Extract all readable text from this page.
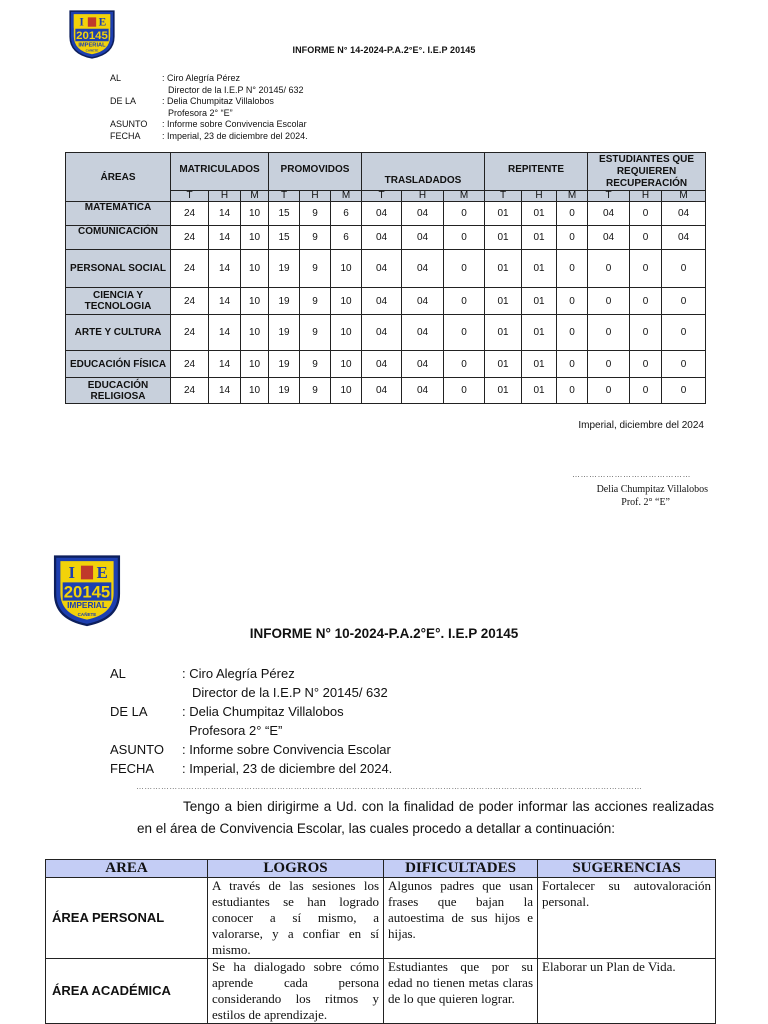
I E
20145
IMPERIAL
CAÑETE	INFORME N° 14-2024-P.A.2°E°. I.E.P 20145
AL	: Ciro Alegría Pérez
Director de la I.E.P N° 20145/ 632
DE LA	: Delia Chumpitaz Villalobos
Profesora 2° “E”
ASUNTO : Informe sobre Convivencia Escolar
FECHA : Imperial, 23 de diciembre del 2024.
ÁREAS	MATRICULADOS			PROMOVIDOS			TRASLADADOS			REPITENTE			ESTUDIANTES QUE REQUIEREN RECUPERACIÓN		
	T	H	M	T	H	M	T	H	M	T	H	M	T	H	M
MATEMÁTICA	24	14	10	15	9	6	04	04	0	01	01	0	04	0	04
COMUNICACIÓN	24	14	10	15	9	6	04	04	0	01	01	0	04	0	04
PERSONAL SOCIAL	24	14	10	19	9	10	04	04	0	01	01	0	0	0	0
CIENCIA Y TECNOLOGIA	24	14	10	19	9	10	04	04	0	01	01	0	0	0	0
ARTE Y CULTURA	24	14	10	19	9	10	04	04	0	01	01	0	0	0	0
EDUCACIÓN FÍSICA	24	14	10	19	9	10	04	04	0	01	01	0	0	0	0
EDUCACIÓN RELIGIOSA	24	14	10	19	9	10	04	04	0	01	01	0	0	0	0
Imperial, diciembre del 2024
……………………………………
Delia Chumpitaz Villalobos
Prof. 2° “E”
I E
20145
IMPERIAL
CAÑETE
INFORME N° 10-2024-P.A.2°E°. I.E.P 20145
AL	: Ciro Alegría Pérez
Director de la I.E.P N° 20145/ 632
DE LA	: Delia Chumpitaz Villalobos
Profesora 2° “E”
ASUNTO : Informe sobre Convivencia Escolar
FECHA : Imperial, 23 de diciembre del 2024.
…………………………………………………………………………………………………………………………………………………………………
Tengo a bien dirigirme a Ud. con la finalidad de poder informar las acciones realizadas en el área de Convivencia Escolar, las cuales procedo a detallar a continuación:
AREA	LOGROS	DIFICULTADES	SUGERENCIAS
ÁREA PERSONAL	A través de las sesiones los estudiantes se han logrado conocer a sí mismo, a valorarse, y a confiar en sí mismo.	Algunos padres que usan frases que bajan la autoestima de sus hijos e hijas.	Fortalecer su autovaloración personal.
ÁREA ACADÉMICA	Se ha dialogado sobre cómo aprende cada persona considerando los ritmos y estilos de aprendizaje.	Estudiantes que por su edad no tienen metas claras de lo que quieren lograr.	Elaborar un Plan de Vida.
